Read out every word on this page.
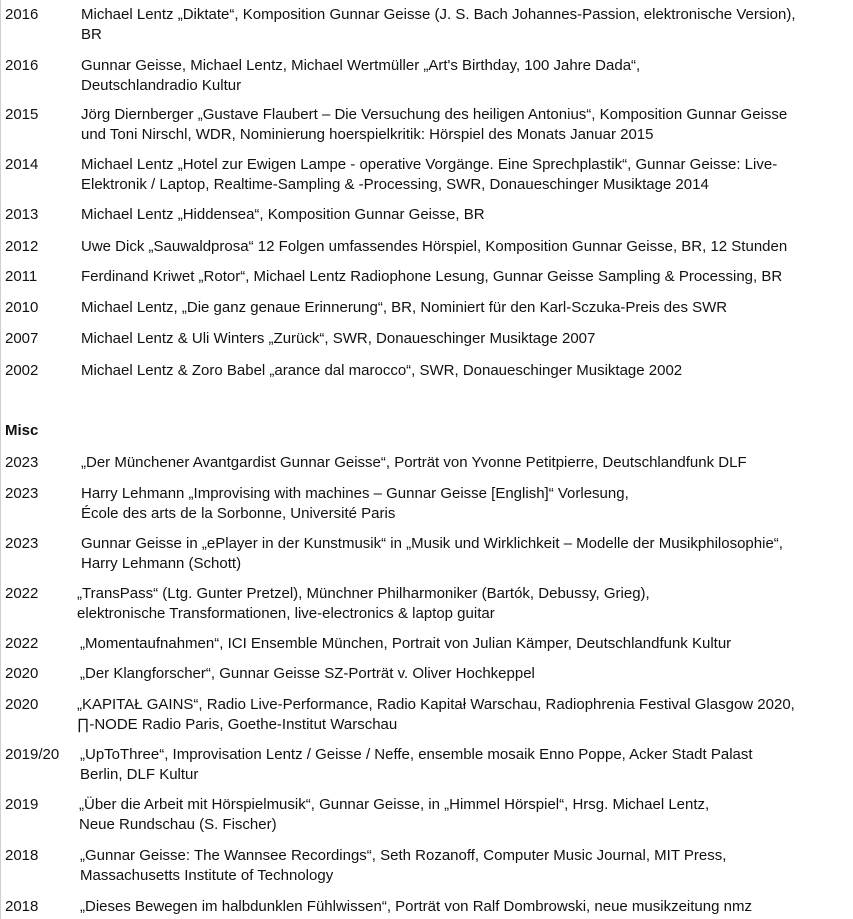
2016	Michael Lentz „Diktate“, Komposition Gunnar Geisse (J. S. Bach Johannes-Passion, elektronische Version),
BR
2016	Gunnar Geisse, Michael Lentz, Michael Wertmüller „Art's Birthday, 100 Jahre Dada“,
Deutschlandradio Kultur
2015	Jörg Diernberger „Gustave Flaubert – Die Versuchung des heiligen Antonius“, Komposition Gunnar Geisse
und Toni Nirschl, WDR, Nominierung hoerspielkritik: Hörspiel des Monats Januar 2015
2014	Michael Lentz „Hotel zur Ewigen Lampe - operative Vorgänge. Eine Sprechplastik“, Gunnar Geisse: Live-
Elektronik / Laptop, Realtime-Sampling & -Processing, SWR, Donaueschinger Musiktage 2014
2013	Michael Lentz „Hiddensea“, Komposition Gunnar Geisse, BR
2012	Uwe Dick „Sauwaldprosa“ 12 Folgen umfassendes Hörspiel, Komposition Gunnar Geisse, BR, 12 Stunden
2011	Ferdinand Kriwet „Rotor“, Michael Lentz Radiophone Lesung, Gunnar Geisse Sampling & Processing, BR
2010	Michael Lentz, „Die ganz genaue Erinnerung“, BR, Nominiert für den Karl-Sczuka-Preis des SWR
2007	Michael Lentz & Uli Winters „Zurück“, SWR, Donaueschinger Musiktage 2007
2002	Michael Lentz & Zoro Babel „arance dal marocco“, SWR, Donaueschinger Musiktage 2002
Misc
2023	„Der Münchener Avantgardist Gunnar Geisse“, Porträt von Yvonne Petitpierre, Deutschlandfunk DLF
2023	Harry Lehmann „Improvising with machines – Gunnar Geisse [English]“ Vorlesung,
École des arts de la Sorbonne, Université Paris
2023	Gunnar Geisse in „ePlayer in der Kunstmusik“ in „Musik und Wirklichkeit – Modelle der Musikphilosophie“,
Harry Lehmann (Schott)
2022	„TransPass“ (Ltg. Gunter Pretzel), Münchner Philharmoniker (Bartók, Debussy, Grieg),
elektronische Transformationen, live-electronics & laptop guitar
2022	„Momentaufnahmen“, ICI Ensemble München, Portrait von Julian Kämper, Deutschlandfunk Kultur
2020	„Der Klangforscher“, Gunnar Geisse SZ-Porträt v. Oliver Hochkeppel
2020	„KAPITAŁ GAINS“, Radio Live-Performance, Radio Kapitał Warschau, Radiophrenia Festival Glasgow 2020,
∏-NODE Radio Paris, Goethe-Institut Warschau
2019/20 „UpToThree“, Improvisation Lentz / Geisse / Neffe, ensemble mosaik Enno Poppe, Acker Stadt Palast
Berlin, DLF Kultur
2019	„Über die Arbeit mit Hörspielmusik“, Gunnar Geisse, in „Himmel Hörspiel“, Hrsg. Michael Lentz,
Neue Rundschau (S. Fischer)
2018	„Gunnar Geisse: The Wannsee Recordings“, Seth Rozanoff, Computer Music Journal, MIT Press,
Massachusetts Institute of Technology
2018	„Dieses Bewegen im halbdunklen Fühlwissen“, Porträt von Ralf Dombrowski, neue musikzeitung nmz
